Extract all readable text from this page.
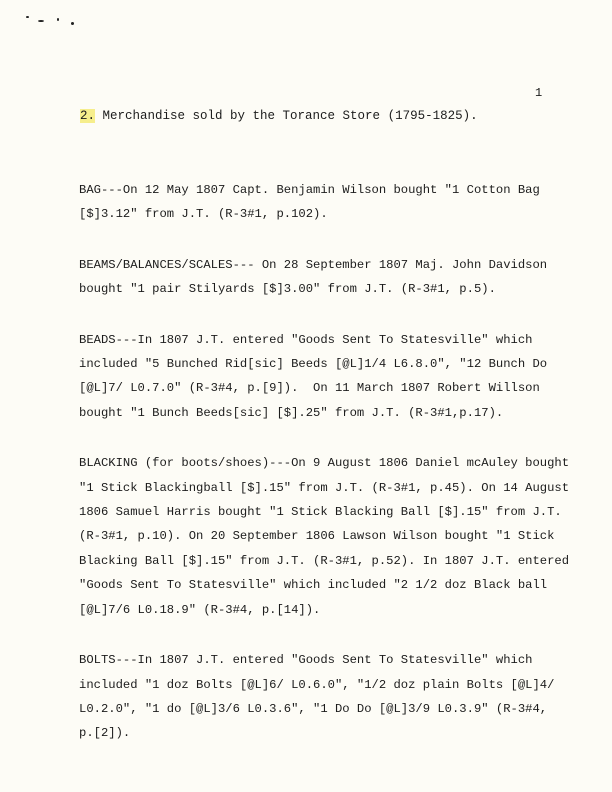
1
2. Merchandise sold by the Torance Store (1795-1825).
BAG---On 12 May 1807 Capt. Benjamin Wilson bought "1 Cotton Bag
[$]3.12" from J.T. (R-3#1, p.102).
BEAMS/BALANCES/SCALES--- On 28 September 1807 Maj. John Davidson
bought "1 pair Stilyards [$]3.00" from J.T. (R-3#1, p.5).
BEADS---In 1807 J.T. entered "Goods Sent To Statesville" which
included "5 Bunched Rid[sic] Beeds [@L]1/4 L6.8.0", "12 Bunch Do
[@L]7/ L0.7.0" (R-3#4, p.[9]).  On 11 March 1807 Robert Willson
bought "1 Bunch Beeds[sic] [$].25" from J.T. (R-3#1,p.17).
BLACKING (for boots/shoes)---On 9 August 1806 Daniel mcAuley bought
"1 Stick Blackingball [$].15" from J.T. (R-3#1, p.45). On 14 August
1806 Samuel Harris bought "1 Stick Blacking Ball [$].15" from J.T.
(R-3#1, p.10). On 20 September 1806 Lawson Wilson bought "1 Stick
Blacking Ball [$].15" from J.T. (R-3#1, p.52). In 1807 J.T. entered
"Goods Sent To Statesville" which included "2 1/2 doz Black ball
[@L]7/6 L0.18.9" (R-3#4, p.[14]).
BOLTS---In 1807 J.T. entered "Goods Sent To Statesville" which
included "1 doz Bolts [@L]6/ L0.6.0", "1/2 doz plain Bolts [@L]4/
L0.2.0", "1 do [@L]3/6 L0.3.6", "1 Do Do [@L]3/9 L0.3.9" (R-3#4,
p.[2]).
